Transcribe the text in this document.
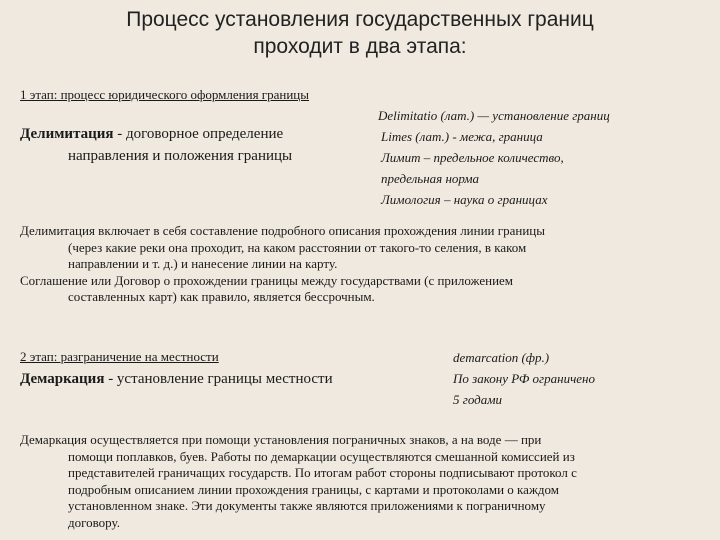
Процесс установления государственных границ
проходит в два этапа:
1 этап: процесс юридического оформления границы
Делимитация - договорное определение
направления и положения границы
Delimitatio (лат.) — установление границ
Limes (лат.) - межа, граница
Лимит – предельное количество,
предельная норма
Лимология – наука о границах
Делимитация включает в себя составление подробного описания прохождения линии границы
(через какие реки она проходит, на каком расстоянии от такого-то селения, в каком
направлении и т. д.) и нанесение линии на карту.
Соглашение или Договор о прохождении границы между государствами (с приложением
составленных карт) как правило, является бессрочным.
2 этап: разграничение на местности
Демаркация - установление границы местности
demarcation (фр.)
По закону РФ ограничено
5 годами
Демаркация осуществляется при помощи установления пограничных знаков, а на воде — при
помощи поплавков, буев. Работы по демаркации осуществляются смешанной комиссией из
представителей граничащих государств. По итогам работ стороны подписывают протокол с
подробным описанием линии прохождения границы, с картами и протоколами о каждом
установленном знаке. Эти документы также являются приложениями к пограничному
договору.
